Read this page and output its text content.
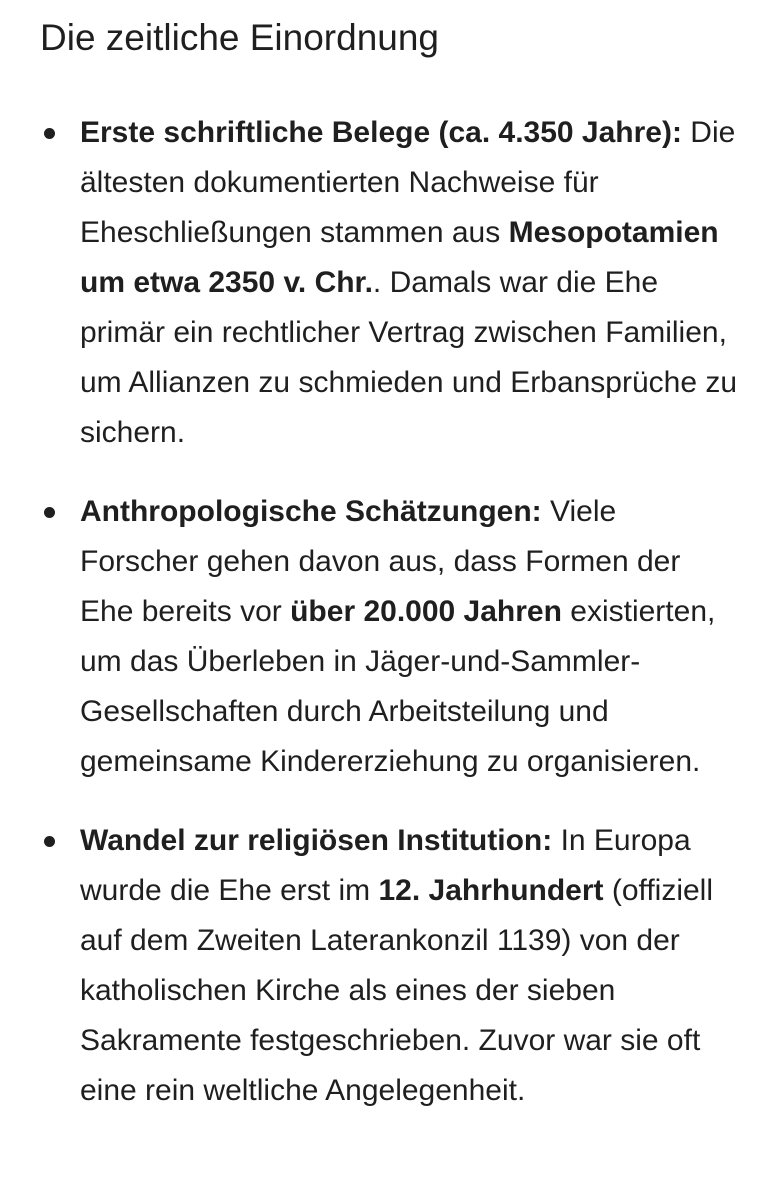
Die zeitliche Einordnung
Erste schriftliche Belege (ca. 4.350 Jahre): Die ältesten dokumentierten Nachweise für Eheschließungen stammen aus Mesopotamien um etwa 2350 v. Chr.. Damals war die Ehe primär ein rechtlicher Vertrag zwischen Familien, um Allianzen zu schmieden und Erbansprüche zu sichern.
Anthropologische Schätzungen: Viele Forscher gehen davon aus, dass Formen der Ehe bereits vor über 20.000 Jahren existierten, um das Überleben in Jäger-und-Sammler-Gesellschaften durch Arbeitsteilung und gemeinsame Kindererziehung zu organisieren.
Wandel zur religiösen Institution: In Europa wurde die Ehe erst im 12. Jahrhundert (offiziell auf dem Zweiten Laterankonzil 1139) von der katholischen Kirche als eines der sieben Sakramente festgeschrieben. Zuvor war sie oft eine rein weltliche Angelegenheit.
